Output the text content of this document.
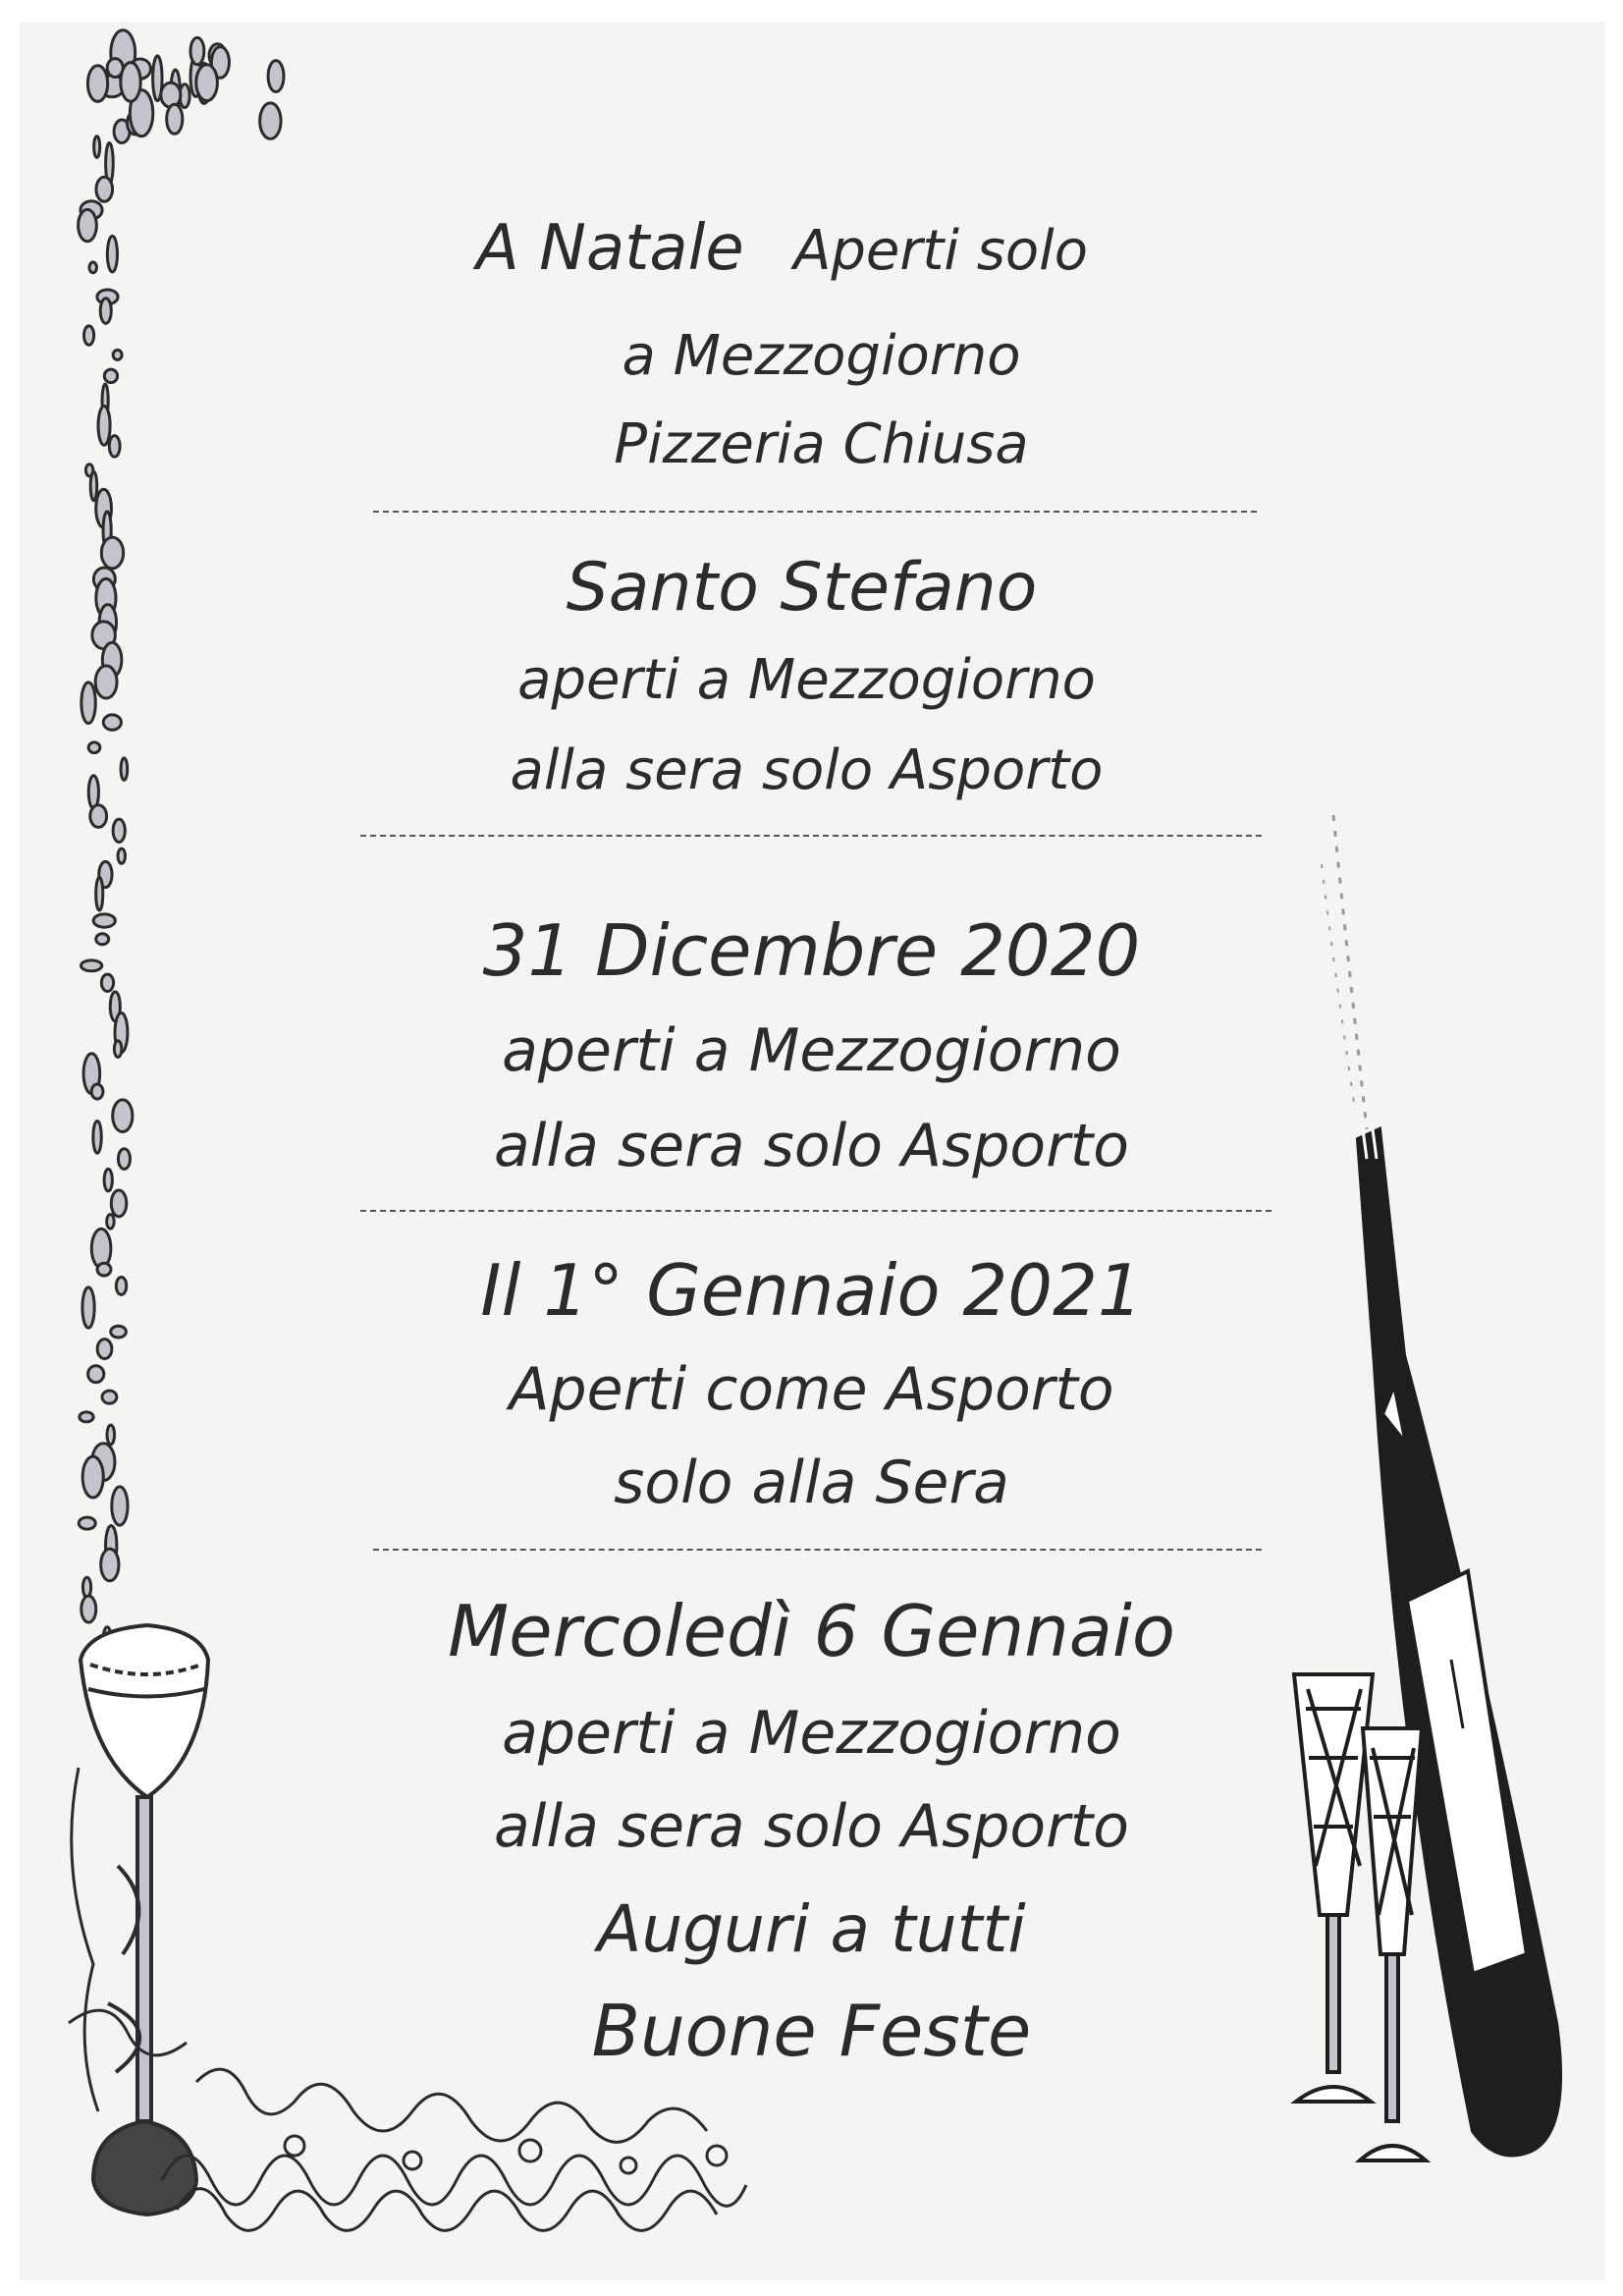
A Natale Aperti solo
a Mezzogiorno
Pizzeria Chiusa
Santo Stefano
aperti a Mezzogiorno
alla sera solo Asporto
31 Dicembre 2020
aperti a Mezzogiorno
alla sera solo Asporto
Il 1° Gennaio 2021
Aperti come Asporto
solo alla Sera
Mercoledì 6 Gennaio
aperti a Mezzogiorno
alla sera solo Asporto
Auguri a tutti
Buone Feste
